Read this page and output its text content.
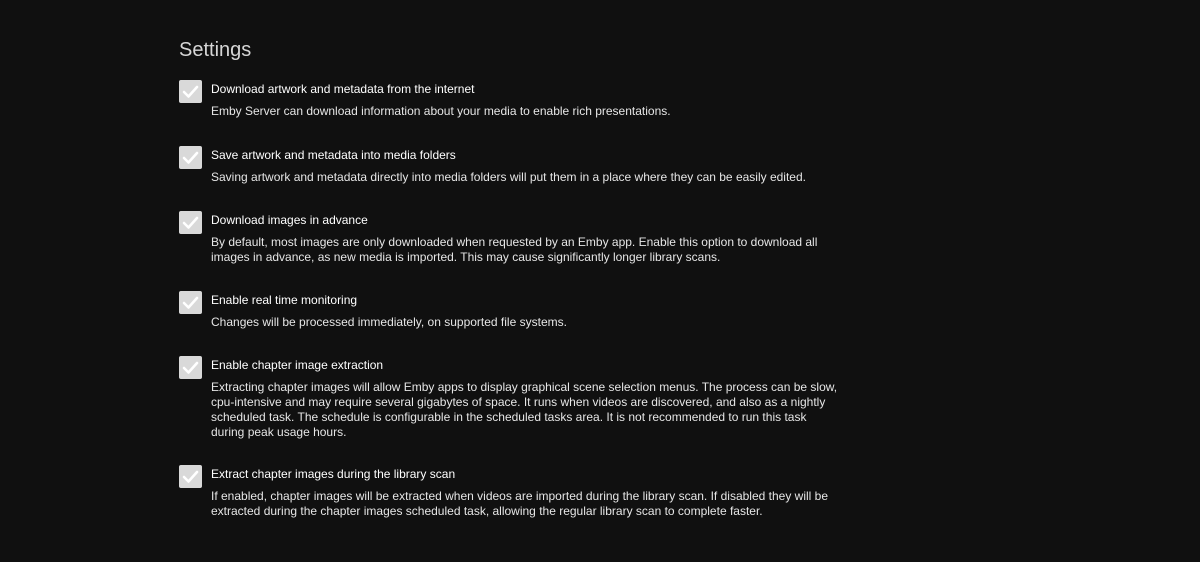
Settings
Download artwork and metadata from the internet
Emby Server can download information about your media to enable rich presentations.
Save artwork and metadata into media folders
Saving artwork and metadata directly into media folders will put them in a place where they can be easily edited.
Download images in advance
By default, most images are only downloaded when requested by an Emby app. Enable this option to download all images in advance, as new media is imported. This may cause significantly longer library scans.
Enable real time monitoring
Changes will be processed immediately, on supported file systems.
Enable chapter image extraction
Extracting chapter images will allow Emby apps to display graphical scene selection menus. The process can be slow, cpu-intensive and may require several gigabytes of space. It runs when videos are discovered, and also as a nightly scheduled task. The schedule is configurable in the scheduled tasks area. It is not recommended to run this task during peak usage hours.
Extract chapter images during the library scan
If enabled, chapter images will be extracted when videos are imported during the library scan. If disabled they will be extracted during the chapter images scheduled task, allowing the regular library scan to complete faster.
